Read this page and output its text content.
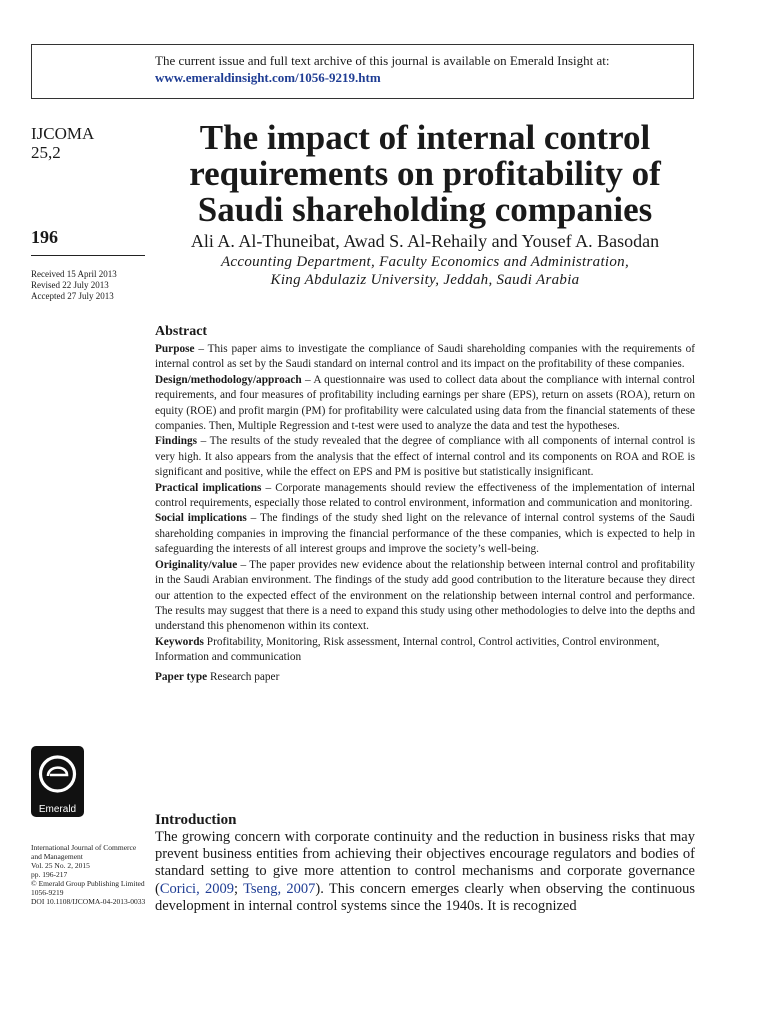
The current issue and full text archive of this journal is available on Emerald Insight at:
www.emeraldinsight.com/1056-9219.htm
IJCOMA
25,2
196
Received 15 April 2013
Revised 22 July 2013
Accepted 27 July 2013
The impact of internal control requirements on profitability of Saudi shareholding companies
Ali A. Al-Thuneibat, Awad S. Al-Rehaily and Yousef A. Basodan
Accounting Department, Faculty Economics and Administration,
King Abdulaziz University, Jeddah, Saudi Arabia
Abstract

Purpose – This paper aims to investigate the compliance of Saudi shareholding companies with the requirements of internal control as set by the Saudi standard on internal control and its impact on the profitability of these companies.

Design/methodology/approach – A questionnaire was used to collect data about the compliance with internal control requirements, and four measures of profitability including earnings per share (EPS), return on assets (ROA), return on equity (ROE) and profit margin (PM) for profitability were calculated using data from the financial statements of these companies. Then, Multiple Regression and t-test were used to analyze the data and test the hypotheses.

Findings – The results of the study revealed that the degree of compliance with all components of internal control is very high. It also appears from the analysis that the effect of internal control and its components on ROA and ROE is significant and positive, while the effect on EPS and PM is positive but statistically insignificant.

Practical implications – Corporate managements should review the effectiveness of the implementation of internal control requirements, especially those related to control environment, information and communication and monitoring.

Social implications – The findings of the study shed light on the relevance of internal control systems of the Saudi shareholding companies in improving the financial performance of the these companies, which is expected to help in safeguarding the interests of all interest groups and improve the society’s well-being.

Originality/value – The paper provides new evidence about the relationship between internal control and profitability in the Saudi Arabian environment. The findings of the study add good contribution to the literature because they direct our attention to the expected effect of the environment on the relationship between internal control and performance. The results may suggest that there is a need to expand this study using other methodologies to delve into the depths and understand this phenomenon within its context.

Keywords Profitability, Monitoring, Risk assessment, Internal control, Control activities, Control environment, Information and communication
Paper type Research paper
Emerald
International Journal of Commerce
and Management
Vol. 25 No. 2, 2015
pp. 196-217
© Emerald Group Publishing Limited
1056-9219
DOI 10.1108/IJCOMA-04-2013-0033
Introduction

The growing concern with corporate continuity and the reduction in business risks that may prevent business entities from achieving their objectives encourage regulators and bodies of standard setting to give more attention to control mechanisms and corporate governance (Corici, 2009; Tseng, 2007). This concern emerges clearly when observing the continuous development in internal control systems since the 1940s. It is recognized
